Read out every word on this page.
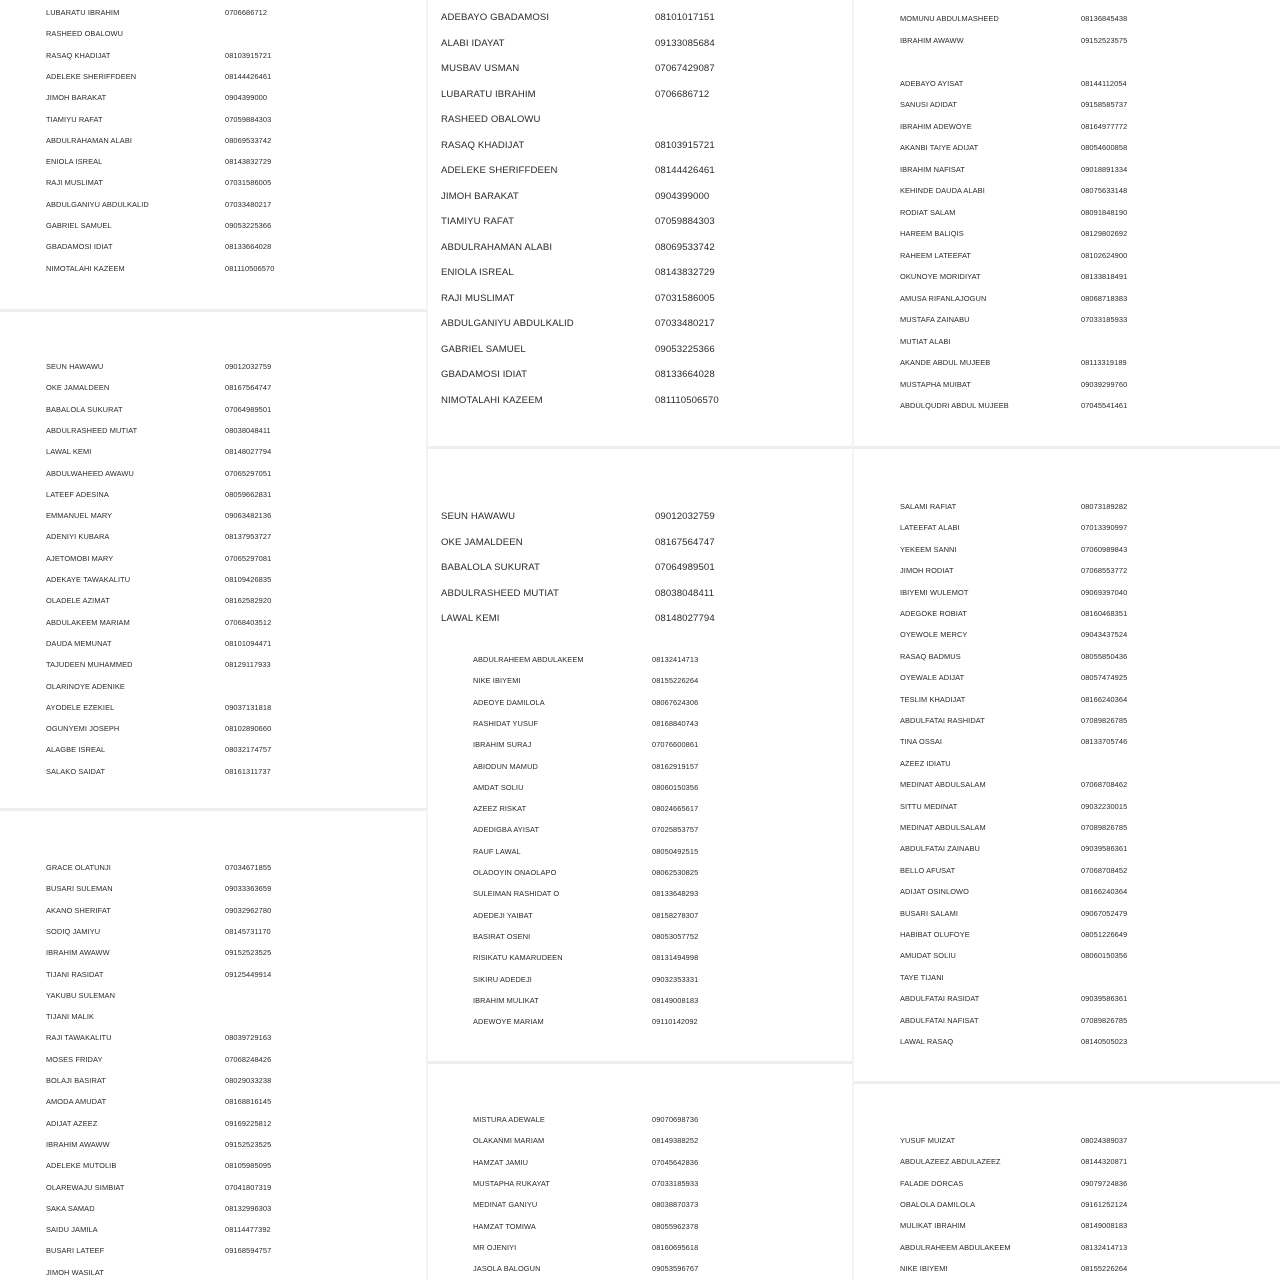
LUBARATU IBRAHIM	0706686712
RASHEED OBALOWU
RASAQ KHADIJAT	08103915721
ADELEKE SHERIFFDEEN	08144426461
JIMOH BARAKAT	0904399000
TIAMIYU RAFAT	07059884303
ABDULRAHAMAN ALABI	08069533742
ENIOLA ISREAL	08143832729
RAJI MUSLIMAT	07031586005
ABDULGANIYU ABDULKALID	07033480217
GABRIEL SAMUEL	09053225366
GBADAMOSI IDIAT	08133664028
NIMOTALAHI KAZEEM	081110506570
SEUN HAWAWU	09012032759
OKE JAMALDEEN	08167564747
BABALOLA SUKURAT	07064989501
ABDULRASHEED MUTIAT	08038048411
LAWAL KEMI	08148027794
ABDULWAHEED AWAWU	07065297051
LATEEF ADESINA	08059662831
EMMANUEL MARY	09063482136
ADENIYI KUBARA	08137953727
AJETOMOBI MARY	07065297081
ADEKAYE TAWAKALITU	08109426835
OLADELE AZIMAT	08162582920
ABDULAKEEM MARIAM	07068403512
DAUDA MEMUNAT	08101094471
TAJUDEEN MUHAMMED	08129117933
OLARINOYE ADENIKE
AYODELE EZEKIEL	09037131818
OGUNYEMI JOSEPH	08102890660
ALAGBE ISREAL	08032174757
SALAKO SAIDAT	08161311737
GRACE OLATUNJI	07034671855
BUSARI SULEMAN	09033363659
AKANO SHERIFAT	09032962780
SODIQ JAMIYU	08145731170
IBRAHIM AWAWW	09152523525
TIJANI RASIDAT	09125449914
YAKUBU SULEMAN
TIJANI MALIK
RAJI TAWAKALITU	08039729163
MOSES FRIDAY	07068248426
BOLAJI BASIRAT	08029033238
AMODA AMUDAT	08168816145
ADIJAT AZEEZ	09169225812
IBRAHIM AWAWW	09152523525
ADELEKE MUTOLIB	08105985095
OLAREWAJU SIMBIAT	07041807319
SAKA SAMAD	08132996303
SAIDU JAMILA	08114477392
BUSARI LATEEF	09168594757
JIMOH WASILAT
ADEBAYO GBADAMOSI	08101017151
ALABI IDAYAT	09133085684
MUSBAV USMAN	07067429087
LUBARATU IBRAHIM	0706686712
RASHEED OBALOWU
RASAQ KHADIJAT	08103915721
ADELEKE SHERIFFDEEN	08144426461
JIMOH BARAKAT	0904399000
TIAMIYU RAFAT	07059884303
ABDULRAHAMAN ALABI	08069533742
ENIOLA ISREAL	08143832729
RAJI MUSLIMAT	07031586005
ABDULGANIYU ABDULKALID	07033480217
GABRIEL SAMUEL	09053225366
GBADAMOSI IDIAT	08133664028
NIMOTALAHI KAZEEM	081110506570
SEUN HAWAWU	09012032759
OKE JAMALDEEN	08167564747
BABALOLA SUKURAT	07064989501
ABDULRASHEED MUTIAT	08038048411
LAWAL KEMI	08148027794
ABDULRAHEEM ABDULAKEEM	08132414713
NIKE IBIYEMI	08155226264
ADEOYE DAMILOLA	08067624306
RASHIDAT YUSUF	08168840743
IBRAHIM SURAJ	07076600861
ABIODUN MAMUD	08162919157
AMDAT SOLIU	08060150356
AZEEZ RISKAT	08024665617
ADEDIGBA AYISAT	07025853757
RAUF LAWAL	08050492515
OLADOYIN ONAOLAPO	08062530825
SULEIMAN RASHIDAT O	08133648293
ADEDEJI YAIBAT	08158278307
BASIRAT OSENI	08053057752
RISIKATU KAMARUDEEN	08131494998
SIKIRU ADEDEJI	09032353331
IBRAHIM MULIKAT	08149008183
ADEWOYE MARIAM	09110142092
MISTURA ADEWALE	09070698736
OLAKANMI MARIAM	08149388252
HAMZAT JAMIU	07045642836
MUSTAPHA RUKAYAT	07033185933
MEDINAT GANIYU	08038870373
HAMZAT TOMIWA	08055962378
MR OJENIYI	08160695618
JASOLA BALOGUN	09053596767
MOMUNU ABDULMASHEED	08136845438
IBRAHIM AWAWW	09152523575
ADEBAYO AYISAT	08144112054
SANUSI ADIDAT	09158585737
IBRAHIM ADEWOYE	08164977772
AKANBI TAIYE ADIJAT	08054600858
IBRAHIM NAFISAT	09018891334
KEHINDE DAUDA ALABI	08075633148
RODIAT SALAM	08091848190
HAREEM BALIQIS	08129802692
RAHEEM LATEEFAT	08102624900
OKUNOYE MORIDIYAT	08133818491
AMUSA RIFANLAJOGUN	08068718383
MUSTAFA ZAINABU	07033185933
MUTIAT ALABI
AKANDE ABDUL MUJEEB	08113319189
MUSTAPHA MUIBAT	09039299760
ABDULQUDRI ABDUL MUJEEB	07045541461
SALAMI RAFIAT	08073189282
LATEEFAT ALABI	07013390997
YEKEEM SANNI	07060989843
JIMOH RODIAT	07068553772
IBIYEMI WULEMOT	09069397040
ADEGOKE ROBIAT	08160468351
OYEWOLE MERCY	09043437524
RASAQ BADMUS	08055850436
OYEWALE ADIJAT	08057474925
TESLIM KHADIJAT	08166240364
ABDULFATAI RASHIDAT	07089826785
TINA OSSAI	08133705746
AZEEZ IDIATU
MEDINAT ABDULSALAM	07068708462
SITTU MEDINAT	09032230015
MEDINAT ABDULSALAM	07089826785
ABDULFATAI ZAINABU	09039586361
BELLO AFUSAT	07068708452
ADIJAT OSINLOWO	08166240364
BUSARI SALAMI	09067052479
HABIBAT OLUFOYE	08051226649
AMUDAT SOLIU	08060150356
TAYE TIJANI
ABDULFATAI RASIDAT	09039586361
ABDULFATAI NAFISAT	07089826785
LAWAL RASAQ	08140505023
YUSUF MUIZAT	08024389037
ABDULAZEEZ ABDULAZEEZ	08144320871
FALADE DORCAS	09079724836
OBALOLA DAMILOLA	09161252124
MULIKAT IBRAHIM	08149008183
ABDULRAHEEM ABDULAKEEM	08132414713
NIKE IBIYEMI	08155226264
